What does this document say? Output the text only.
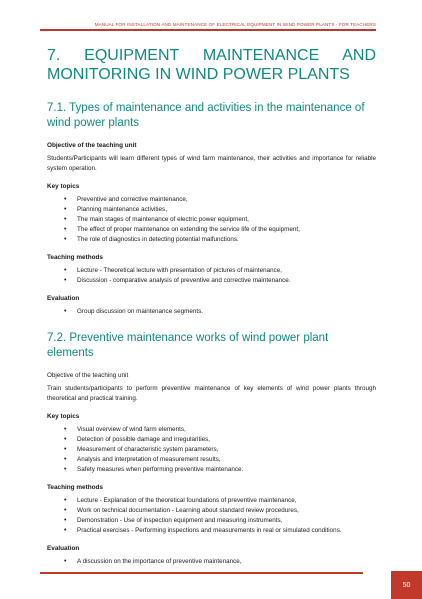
MANUAL FOR INSTALLATION AND MAINTENANCE OF ELECTRICAL EQUIPMENT IN WIND POWER PLANTS - FOR TEACHERS
7. EQUIPMENT MAINTENANCE AND MONITORING IN WIND POWER PLANTS
7.1. Types of maintenance and activities in the maintenance of wind power plants
Objective of the teaching unit
Students/Participants will learn different types of wind farm maintenance, their activities and importance for reliable system operation.
Key topics
• Preventive and corrective maintenance,
• Planning maintenance activities,
• The main stages of maintenance of electric power equipment,
• The effect of proper maintenance on extending the service life of the equipment,
• The role of diagnostics in detecting potential malfunctions.
Teaching methods
• Lecture - Theoretical lecture with presentation of pictures of maintenance,
• Discussion - comparative analysis of preventive and corrective maintenance.
Evaluation
• Group discussion on maintenance segments.
7.2. Preventive maintenance works of wind power plant elements
Objective of the teaching unit
Train students/participants to perform preventive maintenance of key elements of wind power plants through theoretical and practical training.
Key topics
• Visual overview of wind farm elements,
• Detection of possible damage and irregularities,
• Measurement of characteristic system parameters,
• Analysis and interpretation of measurement results,
• Safety measures when performing preventive maintenance.
Teaching methods
• Lecture - Explanation of the theoretical foundations of preventive maintenance,
• Work on technical documentation - Learning about standard review procedures,
• Demonstration - Use of inspection equipment and measuring instruments,
• Practical exercises - Performing inspections and measurements in real or simulated conditions.
Evaluation
• A discussion on the importance of preventive maintenance,
50
